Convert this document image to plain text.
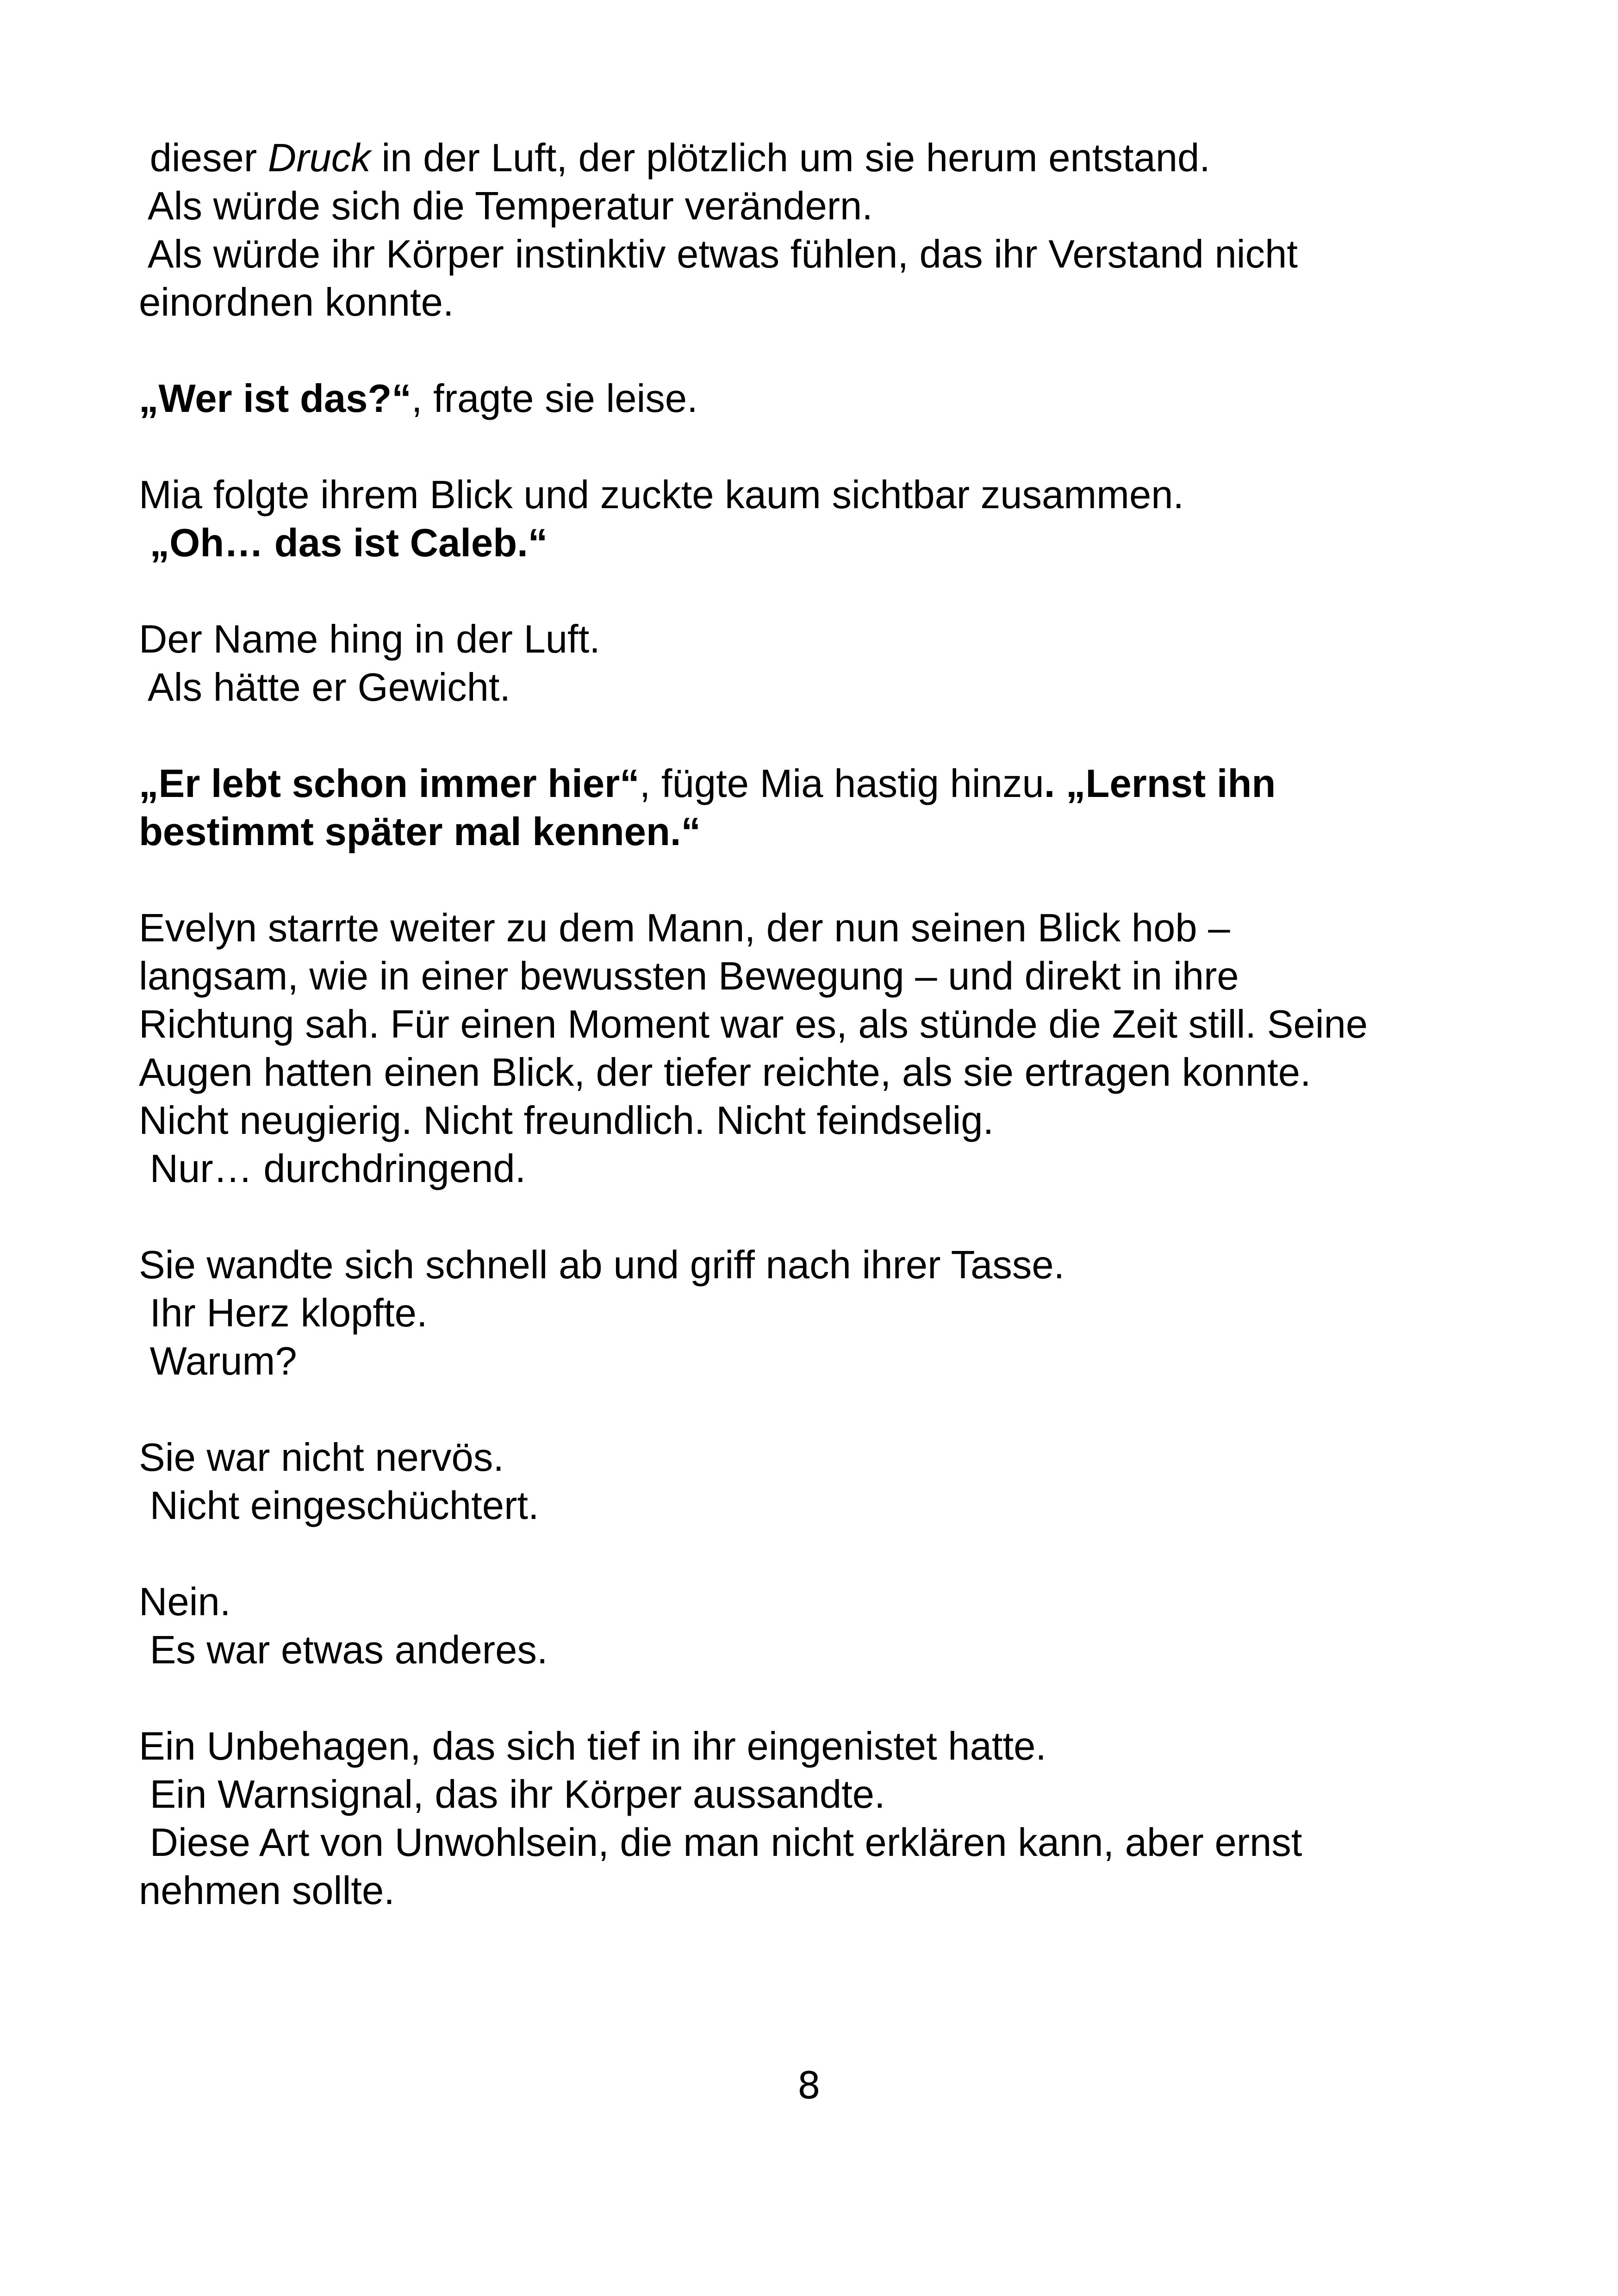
dieser Druck in der Luft, der plötzlich um sie herum entstand.
Als würde sich die Temperatur verändern.
Als würde ihr Körper instinktiv etwas fühlen, das ihr Verstand nicht
einordnen konnte.
„Wer ist das?“, fragte sie leise.
Mia folgte ihrem Blick und zuckte kaum sichtbar zusammen.
„Oh… das ist Caleb.“
Der Name hing in der Luft.
Als hätte er Gewicht.
„Er lebt schon immer hier“, fügte Mia hastig hinzu. „Lernst ihn
bestimmt später mal kennen.“
Evelyn starrte weiter zu dem Mann, der nun seinen Blick hob –
langsam, wie in einer bewussten Bewegung – und direkt in ihre
Richtung sah. Für einen Moment war es, als stünde die Zeit still. Seine
Augen hatten einen Blick, der tiefer reichte, als sie ertragen konnte.
Nicht neugierig. Nicht freundlich. Nicht feindselig.
Nur… durchdringend.
Sie wandte sich schnell ab und griff nach ihrer Tasse.
Ihr Herz klopfte.
Warum?
Sie war nicht nervös.
Nicht eingeschüchtert.
Nein.
Es war etwas anderes.
Ein Unbehagen, das sich tief in ihr eingenistet hatte.
Ein Warnsignal, das ihr Körper aussandte.
Diese Art von Unwohlsein, die man nicht erklären kann, aber ernst
nehmen sollte.
8
